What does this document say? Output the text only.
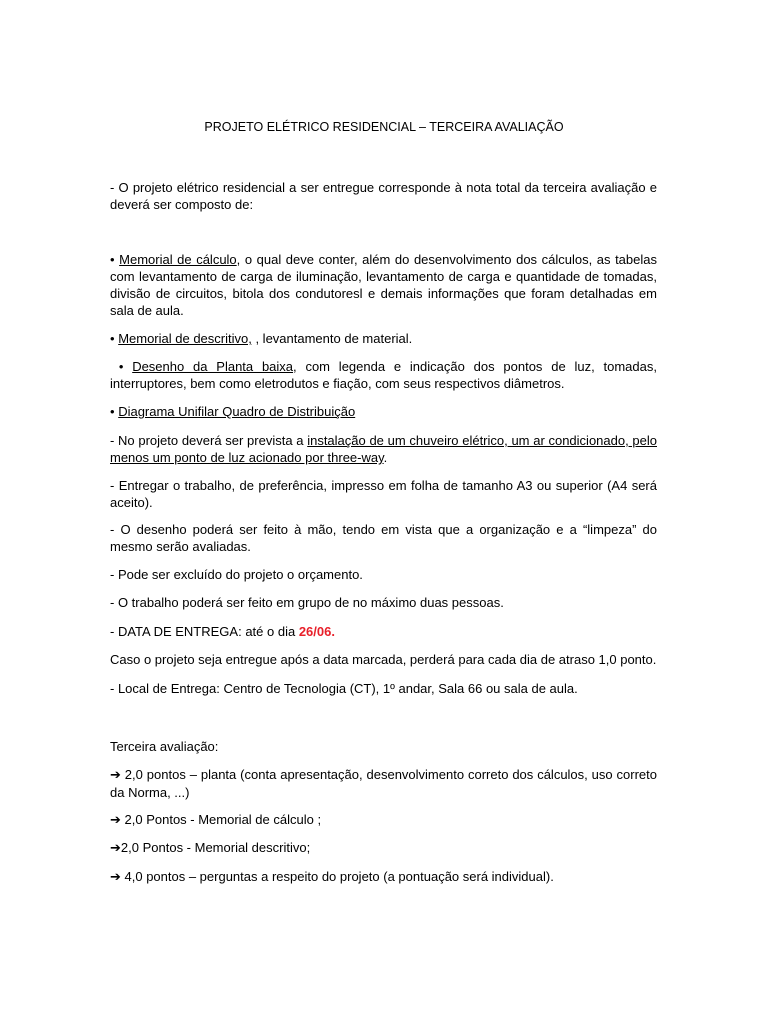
PROJETO ELÉTRICO RESIDENCIAL – TERCEIRA AVALIAÇÃO

- O projeto elétrico residencial a ser entregue corresponde à nota total da terceira avaliação e deverá ser composto de:

• Memorial de cálculo, o qual deve conter, além do desenvolvimento dos cálculos, as tabelas com levantamento de carga de iluminação, levantamento de carga e quantidade de tomadas, divisão de circuitos, bitola dos condutoresl e demais informações que foram detalhadas em sala de aula.

• Memorial de descritivo, , levantamento de material.

• Desenho da Planta baixa, com legenda e indicação dos pontos de luz, tomadas, interruptores, bem como eletrodutos e fiação, com seus respectivos diâmetros.

• Diagrama Unifilar Quadro de Distribuição

- No projeto deverá ser prevista a instalação de um chuveiro elétrico, um ar condicionado, pelo menos um ponto de luz acionado por three-way.

- Entregar o trabalho, de preferência, impresso em folha de tamanho A3 ou superior (A4 será aceito).

- O desenho poderá ser feito à mão, tendo em vista que a organização e a “limpeza” do mesmo serão avaliadas.

- Pode ser excluído do projeto o orçamento.

- O trabalho poderá ser feito em grupo de no máximo duas pessoas.

- DATA DE ENTREGA: até o dia 26/06.

Caso o projeto seja entregue após a data marcada, perderá para cada dia de atraso 1,0 ponto.

- Local de Entrega: Centro de Tecnologia (CT), 1º andar, Sala 66 ou sala de aula.

Terceira avaliação:

➔ 2,0 pontos – planta (conta apresentação, desenvolvimento correto dos cálculos, uso correto da Norma, ...)

➔ 2,0 Pontos - Memorial de cálculo ;

➔2,0 Pontos - Memorial descritivo;

➔ 4,0 pontos – perguntas a respeito do projeto (a pontuação será individual).
